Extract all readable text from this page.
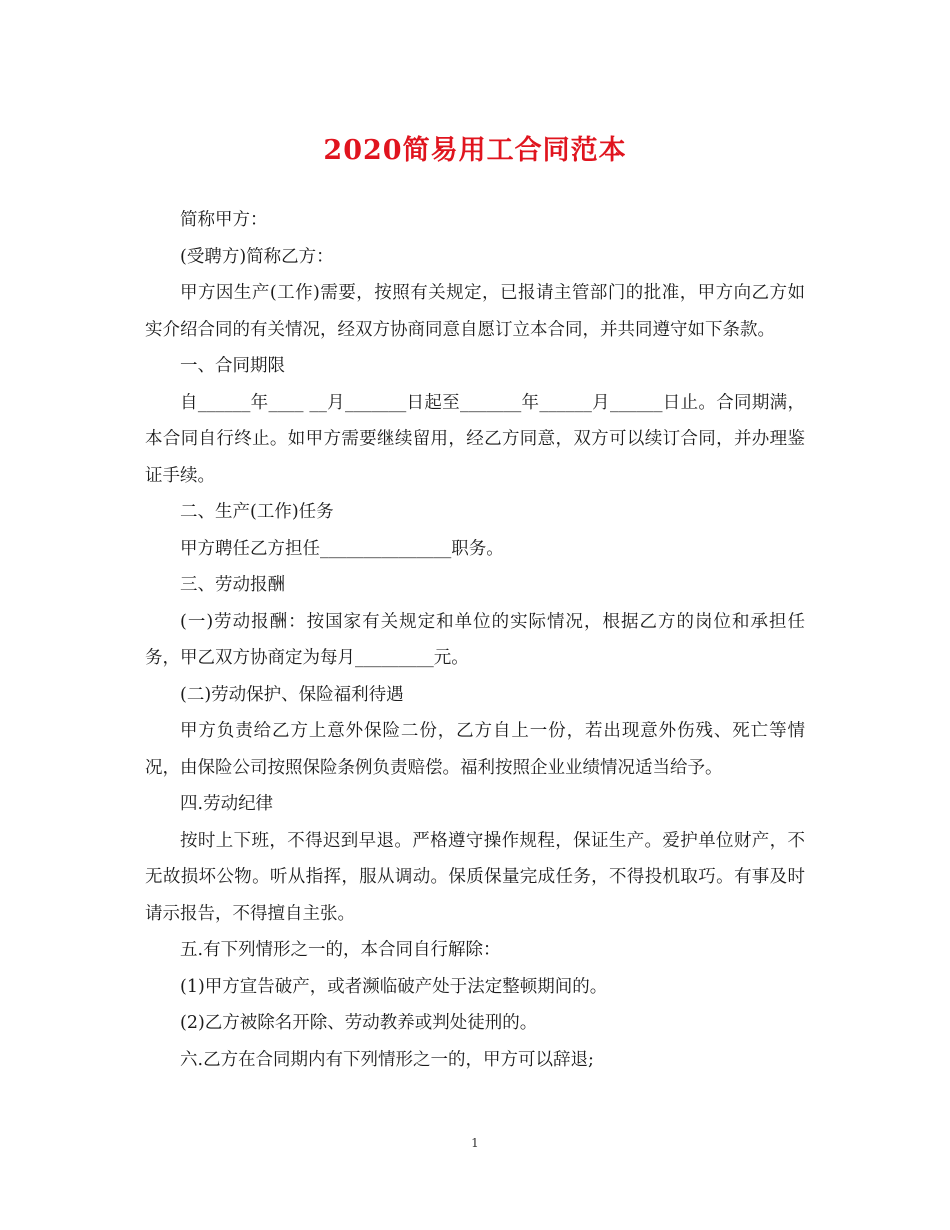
2020简易用工合同范本

简称甲方：

(受聘方)简称乙方：

甲方因生产(工作)需要，按照有关规定，已报请主管部门的批准，甲方向乙方如实介绍合同的有关情况，经双方协商同意自愿订立本合同，并共同遵守如下条款。

一、合同期限

自______年____ __月_______日起至_______年______月______日止。合同期满，本合同自行终止。如甲方需要继续留用，经乙方同意，双方可以续订合同，并办理鉴证手续。

二、生产(工作)任务

甲方聘任乙方担任_______________职务。

三、劳动报酬

(一)劳动报酬：按国家有关规定和单位的实际情况，根据乙方的岗位和承担任务，甲乙双方协商定为每月_________元。

(二)劳动保护、保险福利待遇

甲方负责给乙方上意外保险二份，乙方自上一份，若出现意外伤残、死亡等情况，由保险公司按照保险条例负责赔偿。福利按照企业业绩情况适当给予。

四.劳动纪律

按时上下班，不得迟到早退。严格遵守操作规程，保证生产。爱护单位财产，不无故损坏公物。听从指挥，服从调动。保质保量完成任务，不得投机取巧。有事及时请示报告，不得擅自主张。

五.有下列情形之一的，本合同自行解除：

(1)甲方宣告破产，或者濒临破产处于法定整顿期间的。

(2)乙方被除名开除、劳动教养或判处徒刑的。

六.乙方在合同期内有下列情形之一的，甲方可以辞退;

1
